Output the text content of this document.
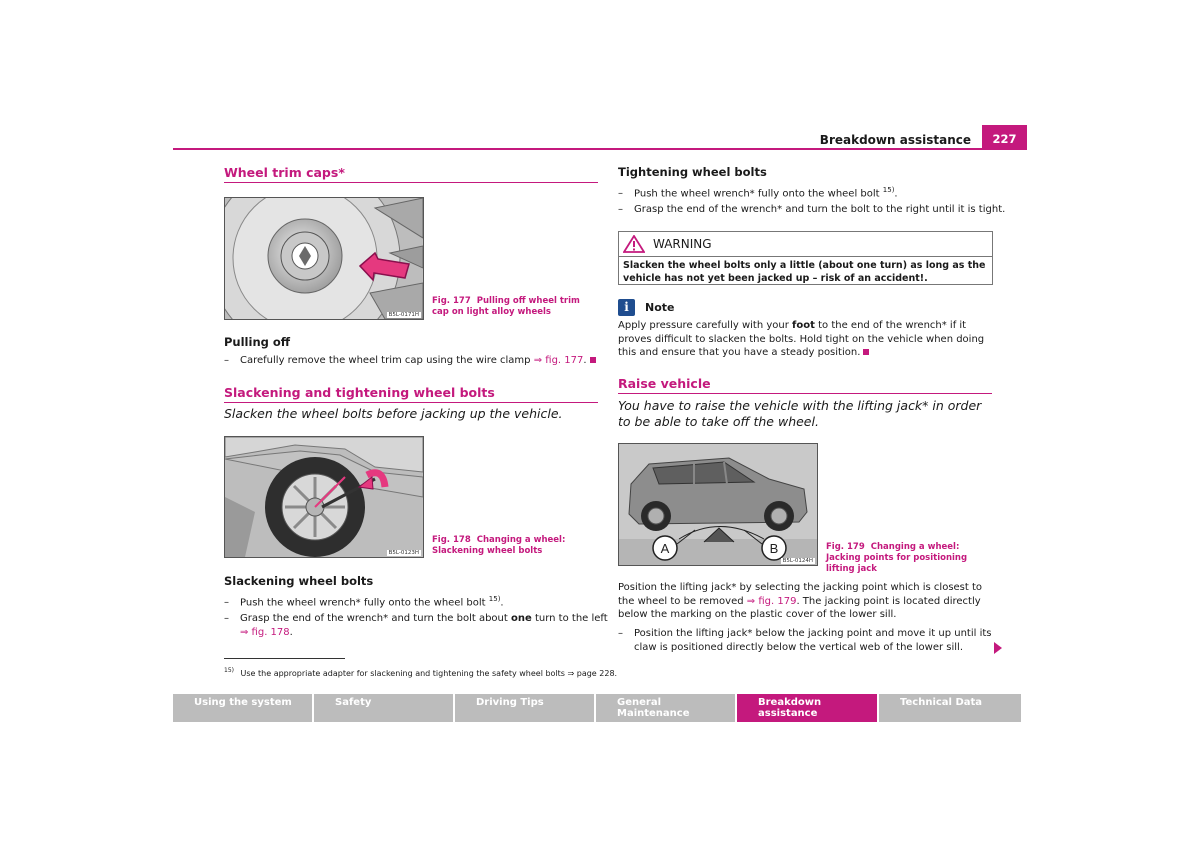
Breakdown assistance	227
Wheel trim caps*
B5L-0171H
Fig. 177 Pulling off wheel trim cap on light alloy wheels
Pulling off
– Carefully remove the wheel trim cap using the wire clamp ⇒ fig. 177.
Slackening and tightening wheel bolts

Slacken the wheel bolts before jacking up the vehicle.

B5L-0123H
Fig. 178 Changing a wheel: Slackening wheel bolts
Slackening wheel bolts
– Push the wheel wrench* fully onto the wheel bolt $^{15)}$.
– Grasp the end of the wrench* and turn the bolt about one turn to the left
⇒ fig. 178.
$^{15)}$ Use the appropriate adapter for slackening and tightening the safety wheel bolts ⇒ page 228.
Tightening wheel bolts
– Push the wheel wrench* fully onto the wheel bolt $^{15)}$.
– Grasp the end of the wrench* and turn the bolt to the right until it is tight.
WARNING
Slacken the wheel bolts only a little (about one turn) as long as the vehicle has not yet been jacked up – risk of an accident!.
i	Note
Apply pressure carefully with your foot to the end of the wrench* if it proves difficult to slacken the bolts. Hold tight on the vehicle when doing this and ensure that you have a steady position.
Raise vehicle

You have to raise the vehicle with the lifting jack* in order to be able to take off the wheel.

A	B
B5L-0124H
Fig. 179 Changing a wheel: Jacking points for positioning lifting jack
Position the lifting jack* by selecting the jacking point which is closest to the wheel to be removed ⇒ fig. 179. The jacking point is located directly below the marking on the plastic cover of the lower sill.
– Position the lifting jack* below the jacking point and move it up until its claw is positioned directly below the vertical web of the lower sill.
Using the system	Safety	Driving Tips	General Maintenance
Breakdown assistance
Technical Data
